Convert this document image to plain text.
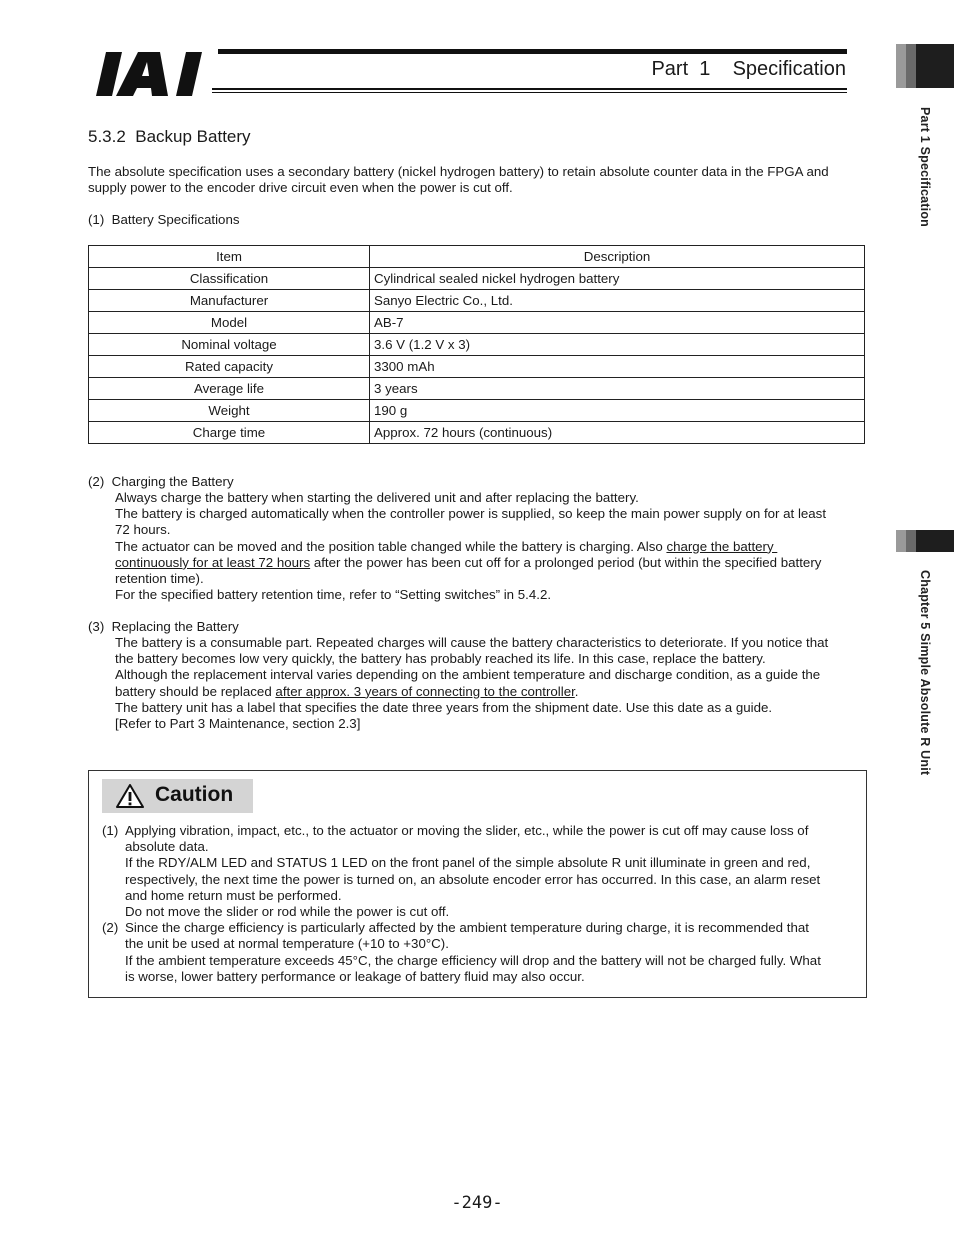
Part  1    Specification
Part 1 Specification
Chapter 5 Simple Absolute R Unit
5.3.2  Backup Battery
The absolute specification uses a secondary battery (nickel hydrogen battery) to retain absolute counter data in the FPGA and
supply power to the encoder drive circuit even when the power is cut off.
(1)  Battery Specifications
Item	Description
Classification	Cylindrical sealed nickel hydrogen battery
Manufacturer	Sanyo Electric Co., Ltd.
Model	AB-7
Nominal voltage	3.6 V (1.2 V x 3)
Rated capacity	3300 mAh
Average life	3 years
Weight	190 g
Charge time	Approx. 72 hours (continuous)
(2)  Charging the Battery
Always charge the battery when starting the delivered unit and after replacing the battery.
The battery is charged automatically when the controller power is supplied, so keep the main power supply on for at least
72 hours.
The actuator can be moved and the position table changed while the battery is charging. Also charge the battery
continuously for at least 72 hours after the power has been cut off for a prolonged period (but within the specified battery
retention time).
For the specified battery retention time, refer to “Setting switches” in 5.4.2.
(3)  Replacing the Battery
The battery is a consumable part. Repeated charges will cause the battery characteristics to deteriorate. If you notice that
the battery becomes low very quickly, the battery has probably reached its life. In this case, replace the battery.
Although the replacement interval varies depending on the ambient temperature and discharge condition, as a guide the
battery should be replaced after approx. 3 years of connecting to the controller.
The battery unit has a label that specifies the date three years from the shipment date. Use this date as a guide.
[Refer to Part 3 Maintenance, section 2.3]
Caution
(1) Applying vibration, impact, etc., to the actuator or moving the slider, etc., while the power is cut off may cause loss of
absolute data.
If the RDY/ALM LED and STATUS 1 LED on the front panel of the simple absolute R unit illuminate in green and red,
respectively, the next time the power is turned on, an absolute encoder error has occurred. In this case, an alarm reset
and home return must be performed.
Do not move the slider or rod while the power is cut off.
(2) Since the charge efficiency is particularly affected by the ambient temperature during charge, it is recommended that
the unit be used at normal temperature (+10 to +30°C).
If the ambient temperature exceeds 45°C, the charge efficiency will drop and the battery will not be charged fully. What
is worse, lower battery performance or leakage of battery fluid may also occur.
-249-
